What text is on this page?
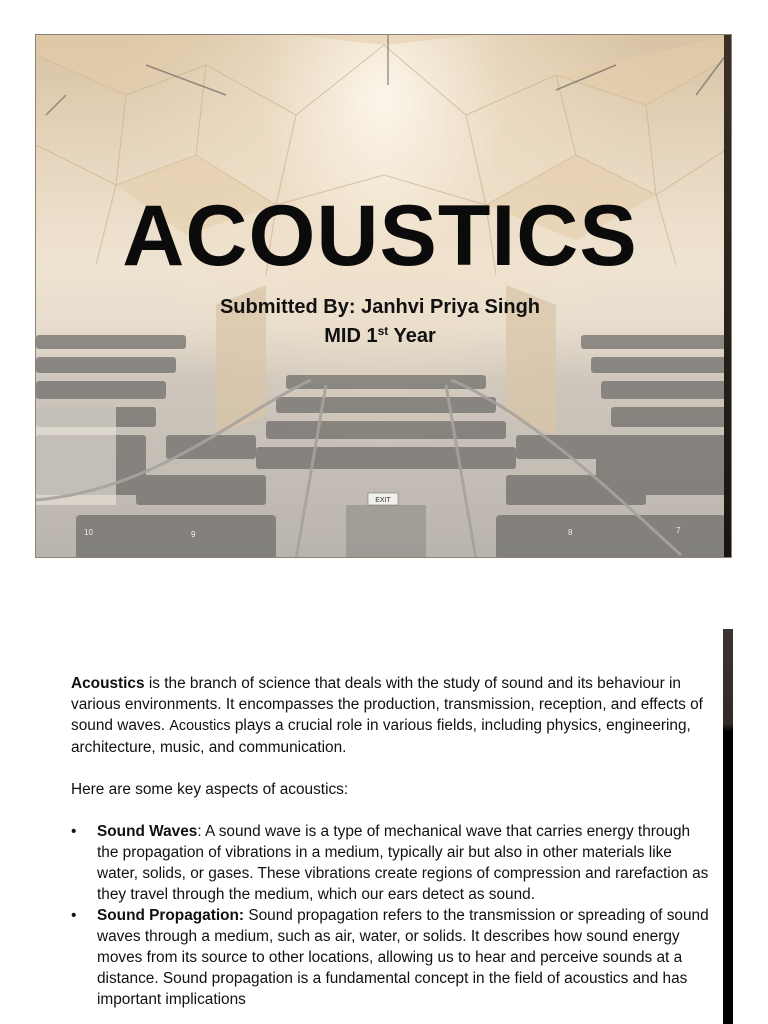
EXIT
10	9	8	7
ACOUSTICS
Submitted By: Janhvi Priya Singh
MID 1st Year

Acoustics is the branch of science that deals with the study of sound and its behaviour in various environments. It encompasses the production, transmission, reception, and effects of sound waves. Acoustics plays a crucial role in various fields, including physics, engineering, architecture, music, and communication.

Here are some key aspects of acoustics:

• Sound Waves: A sound wave is a type of mechanical wave that carries energy through the propagation of vibrations in a medium, typically air but also in other materials like water, solids, or gases. These vibrations create regions of compression and rarefaction as they travel through the medium, which our ears detect as sound.
• Sound Propagation: Sound propagation refers to the transmission or spreading of sound waves through a medium, such as air, water, or solids. It describes how sound energy moves from its source to other locations, allowing us to hear and perceive sounds at a distance. Sound propagation is a fundamental concept in the field of acoustics and has important implications
